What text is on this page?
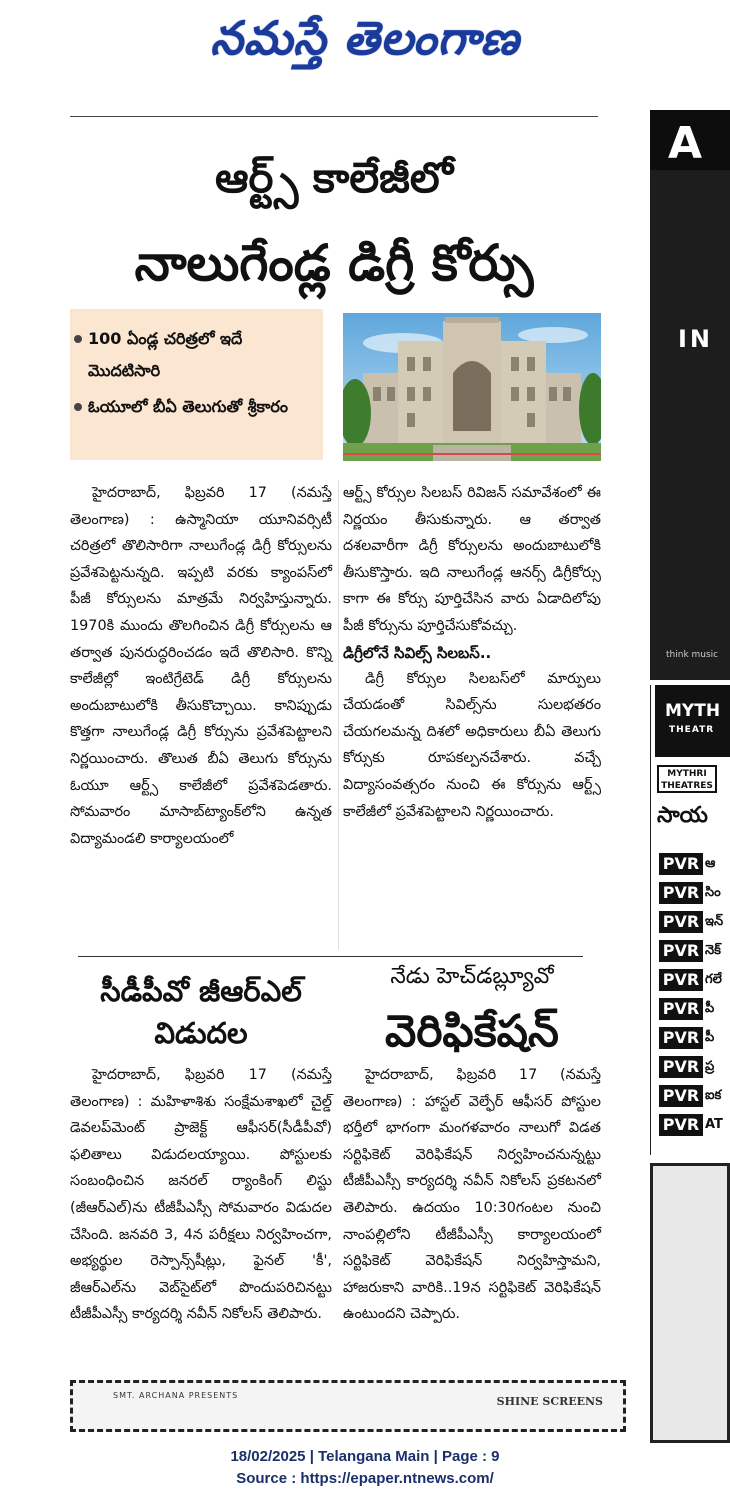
నమస్తే తెలంగాణ
ఆర్ట్స్ కాలేజీలో
నాలుగేండ్ల డిగ్రీ కోర్సు
100 ఏండ్ల చరిత్రలో ఇదే మొదటిసారి
ఓయూలో బీఏ తెలుగుతో శ్రీకారం

హైదరాబాద్, ఫిబ్రవరి 17 (నమస్తే తెలంగాణ) : ఉస్మానియా యూనివర్సిటీ చరిత్రలో తొలిసారిగా నాలుగేండ్ల డిగ్రీ కోర్సులను ప్రవేశపెట్టనున్నది. ఇప్పటి వరకు క్యాంపస్‌లో పీజీ కోర్సులను మాత్రమే నిర్వహిస్తున్నారు. 1970కి ముందు తొలగించిన డిగ్రీ కోర్సులను ఆ తర్వాత పునరుద్ధరించడం ఇదే తొలిసారి. కొన్ని కాలేజీల్లో ఇంటిగ్రేటెడ్ డిగ్రీ కోర్సులను అందుబాటులోకి తీసుకొచ్చాయి. కానిప్పుడు కొత్తగా నాలుగేండ్ల డిగ్రీ కోర్సును ప్రవేశపెట్టాలని నిర్ణయించారు. తొలుత బీఏ తెలుగు కోర్సును ఓయూ ఆర్ట్స్ కాలేజీలో ప్రవేశపెడతారు. సోమవారం మాసాబ్‌ట్యాంక్‌లోని ఉన్నత విద్యామండలి కార్యాలయంలో

ఆర్ట్స్ కోర్సుల సిలబస్ రివిజన్ సమావేశంలో ఈ నిర్ణయం తీసుకున్నారు. ఆ తర్వాత దశలవారీగా డిగ్రీ కోర్సులను అందుబాటులోకి తీసుకొస్తారు. ఇది నాలుగేండ్ల ఆనర్స్ డిగ్రీకోర్సు కాగా ఈ కోర్సు పూర్తిచేసిన వారు ఏడాదిలోపు పీజీ కోర్సును పూర్తిచేసుకోవచ్చు.

డిగ్రీలోనే సివిల్స్ సిలబస్..

డిగ్రీ కోర్సుల సిలబస్‌లో మార్పులు చేయడంతో సివిల్స్‌ను సులభతరం చేయగలమన్న దిశలో అధికారులు బీఏ తెలుగు కోర్సుకు రూపకల్పనచేశారు. వచ్చే విద్యాసంవత్సరం నుంచి ఈ కోర్సును ఆర్ట్స్ కాలేజీలో ప్రవేశపెట్టాలని నిర్ణయించారు.

సీడీపీవో జీఆర్‌ఎల్ విడుదల

హైదరాబాద్, ఫిబ్రవరి 17 (నమస్తే తెలంగాణ) : మహిళాశిశు సంక్షేమశాఖలో చైల్డ్ డెవలప్‌మెంట్ ప్రాజెక్ట్ ఆఫీసర్(సీడీపీవో) ఫలితాలు విడుదలయ్యాయి. పోస్టులకు సంబంధించిన జనరల్ ర్యాంకింగ్ లిస్టు (జీఆర్‌ఎల్)ను టీజీపీఎస్సీ సోమవారం విడుదల చేసింది. జనవరి 3, 4న పరీక్షలు నిర్వహించగా, అభ్యర్థుల రెస్పాన్స్‌షీట్లు, ఫైనల్ 'కీ', జీఆర్‌ఎల్‌ను వెబ్‌సైట్‌లో పొందుపరిచినట్టు టీజీపీఎస్సీ కార్యదర్శి నవీన్ నికోలస్ తెలిపారు.

నేడు హెచ్‌డబ్ల్యూవో
వెరిఫికేషన్

హైదరాబాద్, ఫిబ్రవరి 17 (నమస్తే తెలంగాణ) : హాస్టల్ వెల్ఫేర్ ఆఫీసర్ పోస్టుల భర్తీలో భాగంగా మంగళవారం నాలుగో విడత సర్టిఫికెట్ వెరిఫికేషన్ నిర్వహించనున్నట్టు టీజీపీఎస్సీ కార్యదర్శి నవీన్ నికోలస్ ప్రకటనలో తెలిపారు. ఉదయం 10:30గంటల నుంచి నాంపల్లిలోని టీజీపీఎస్సీ కార్యాలయంలో సర్టిఫికెట్ వెరిఫికేషన్ నిర్వహిస్తామని, హాజరుకాని వారికి..19న సర్టిఫికెట్ వెరిఫికేషన్ ఉంటుందని చెప్పారు.

SMT. ARCHANA PRESENTS	SHINE SCREENS
A
IN
think music
MYTH
THEATR
MYTHRI THEATRES
సాయ
PVR ఆ
PVR సిం
PVR ఇన్
PVR నెక్
PVR గలే
PVR పీ
PVR పీ
PVR ప్ర
PVR ఐక
PVR AT
18/02/2025 | Telangana Main | Page : 9
Source : https://epaper.ntnews.com/
